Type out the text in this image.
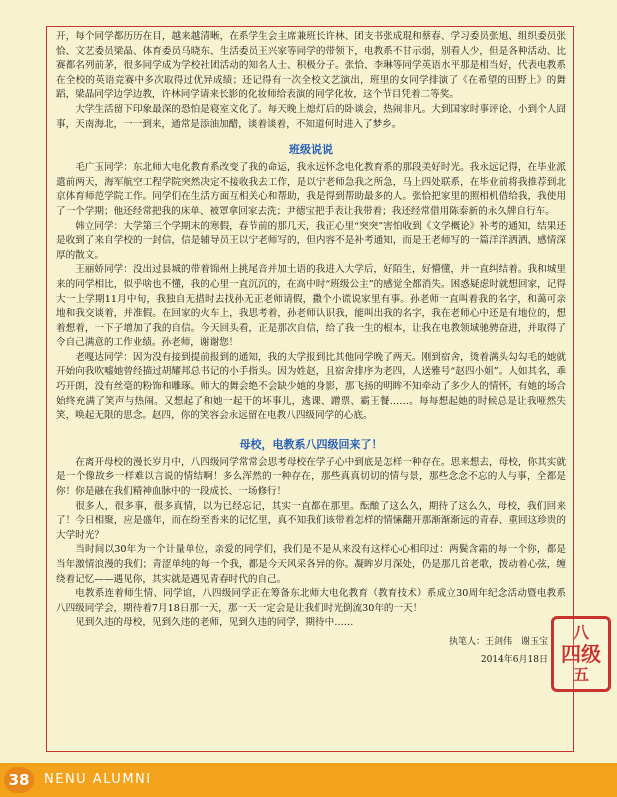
开，每个同学都历历在目，越来越清晰，在系学生会主席兼班长许林、团支书张成琨和蔡春、学习委员张旭、组织委员张恰、文艺委员梁晶、体育委员马晓东、生活委员王兴家等同学的带领下，电教系不甘示弱，别看人少，但是各种活动、比赛都名列前茅，很多同学成为学校社团活动的知名人士、积极分子。张恰、李琳等同学英语水平那是相当好，代表电教系在全校的英语竞赛中多次取得过优异成绩；还记得有一次全校文艺演出，班里的女同学排演了《在希望的田野上》的舞蹈，梁晶同学边学边教，许林同学请来长影的化妆师给表演的同学化妆，这个节目凭着二等奖。

大学生活留下印象最深的恐怕是寝室文化了。每天晚上熄灯后的卧谈会，热闹非凡。大到国家时事评论、小到个人囧事，天南海北，一一到来，通常是添油加醋，谈着谈着，不知道何时进入了梦乡。

班级说说

毛广玉同学：东北师大电化教育系改变了我的命运，我永远怀念电化教育系的那段美好时光。我永远记得，在毕业派遣前两天，海军航空工程学院突然决定不接收我去工作，是以宁老师急我之所急，马上四处联系，在毕业前将我推荐到北京体育师范学院工作。同学们在生活方面互相关心和帮助，我是得到帮助最多的人。张恰把家里的照相机借给我，我使用了一个学期；他还经常把我的床单、被罩拿回家去洗；尹德宝把手表让我带着；我还经常借用陈泰新的永久牌自行车。

韩立同学：大学第三个学期末的寒假，春节前的那几天，我正心里“突突”害怕收到《文学概论》补考的通知，结果还是收到了来自学校的一封信，信是辅导员王以宁老师写的，但内容不是补考通知，而是王老师写的一篇洋洋洒洒、感情深厚的散文。

王丽娇同学：没出过县城的带着锦州上挑尾音并加土语的我进入大学后，好陌生，好懵懂，并一直纠结着。我和城里来的同学相比，似乎啥也不懂，我的心里一直沉沉的，在高中时“班级公主”的感觉全都消失。困惑疑虑时就想回家，记得大一上学期11月中旬，我独自无措时去找孙无正老师请假，撒个小谎说家里有事。孙老师一直叫着我的名字，和蔼可亲地和我交谈着，并准假。在回家的火车上，我思考着，孙老师认识我，能叫出我的名字，我在老师心中还是有地位的，想着想着，一下子增加了我的自信。今天回头看，正是那次自信，给了我一生的根本，让我在电教领域驰骋奋进，并取得了令自己满意的工作业绩。孙老师，谢谢您！

老嘎达同学：因为没有接到提前报到的通知，我的大学报到比其他同学晚了两天。刚到宿舍，烫着满头勾勾毛的她就开始向我吹嘘她曾经描过胡耀邦总书记的小手指头。因为姓赵，且宿舍排序为老四，人送雅号“赵四小姐”。人如其名，乖巧开朗，没有丝毫的粉饰和雕琢。师大的舞会绝不会缺少她的身影，那飞扬的明眸不知牵动了多少人的情怀，有她的场合始终充满了笑声与热闹。又想起了和她一起干的坏事儿，逃课、蹭票、霸王餐……。每每想起她的时候总是让我哑然失笑，唤起无限的思念。赵四，你的笑容会永远留在电教八四级同学的心底。

母校，电教系八四级回来了！

在离开母校的漫长岁月中，八四级同学常常会思考母校在学子心中到底是怎样一种存在。思来想去，母校，你其实就是一个像故乡一样难以言说的情结啊！多么浑然的一种存在，那些真真切切的情与景，那些念念不忘的人与事，全都是你！你是融在我们精神血脉中的一段成长、一场修行！

很多人，很多事，很多真情，以为已经忘记，其实一直都在那里。酝酿了这么久，期待了这么久，母校，我们回来了！今日相聚，应是盛年，而在纷至沓来的记忆里，真不知我们该带着怎样的情愫翻开那渐渐渐远的青春、重回这珍贵的大学时光？

当时间以30年为一个计量单位，亲爱的同学们，我们是不是从来没有这样心心相印过：两鬓含霜的每一个你，都是当年激情浪漫的我们；青涩单纯的每一个我，都是今天风采各异的你。凝眸岁月深处，仍是那几首老歌，拨动着心弦，缠绕着记忆——遇见你，其实就是遇见青春时代的自己。

电教系连着师生情、同学谊，八四级同学正在筹备东北师大电化教育（教育技术）系成立30周年纪念活动暨电教系八四级同学会，期待着7月18日那一天，那一天一定会是让我们时光倒流30年的一天！

见到久违的母校，见到久违的老师，见到久违的同学，期待中……

执笔人：王剑伟　谢玉宝
2014年6月18日
八
四级
五
38	NENU ALUMNI
